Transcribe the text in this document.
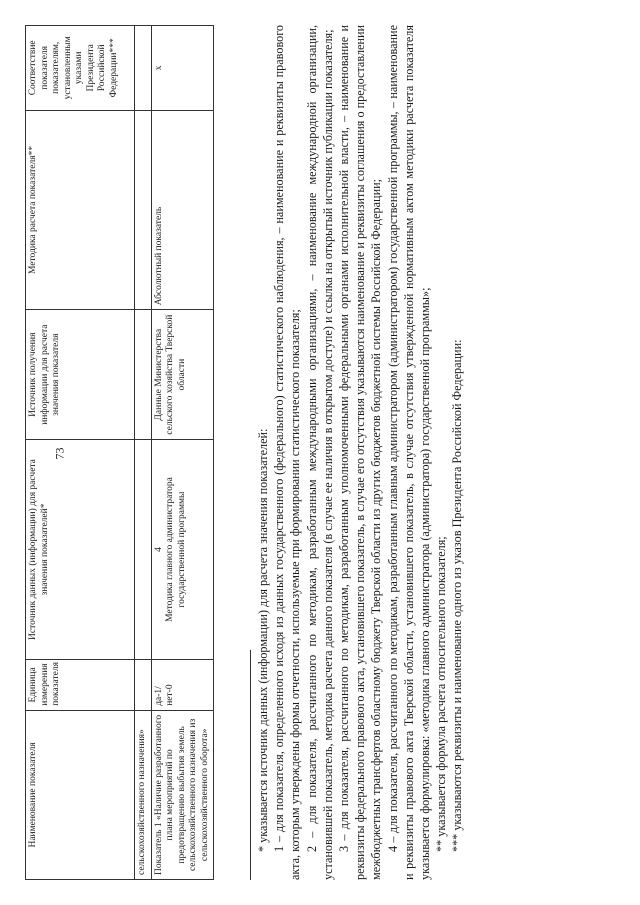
73
Наименование показателя	Единица измерения показателя	Источник данных (информации) для расчета значения показателей*	Источник получения информации для расчета значения показателя	Методика расчета показателя**	Соответствие показателя показателям, установленным указами Президента Российской Федерации***
сельскохозяйственного назначения»					
Показатель 1 «Наличие разработанного плана мероприятий по предотвращению выбытия земель сельскохозяйственного назначения из сельскохозяйственного оборота»	да-1/ нет-0	4 Методика главного администратора государственной программы	Данные Министерства сельского хозяйства Тверской области	Абсолютный показатель	х

* указывается источник данных (информации) для расчета значения показателей: 1 – для показателя, определенного исходя из данных государственного (федерального) статистического наблюдения, – наименование и реквизиты правового акта, которым утверждены формы отчетности, используемые при формировании статистического показателя; 2 – для показателя, рассчитанного по методикам, разработанным международными организациями, – наименование международной организации, установившей показатель, методика расчета данного показателя (в случае ее наличия в открытом доступе) и ссылка на открытый источник публикации показателя; 3 – для показателя, рассчитанного по методикам, разработанным уполномоченными федеральными органами исполнительной власти, – наименование и реквизиты федерального правового акта, установившего показатель, в случае его отсутствия указываются наименование и реквизиты соглашения о предоставлении межбюджетных трансфертов областному бюджету Тверской области из других бюджетов бюджетной системы Российской Федерации; 4 – для показателя, рассчитанного по методикам, разработанным главным администратором (администратором) государственной программы, – наименование и реквизиты правового акта Тверской области, установившего показатель, в случае отсутствия утвержденной нормативным актом методики расчета показателя указывается формулировка: «методика главного администратора (администратора) государственной программы»; ** указывается формула расчета относительного показателя; *** указываются реквизиты и наименование одного из указов Президента Российской Федерации:
